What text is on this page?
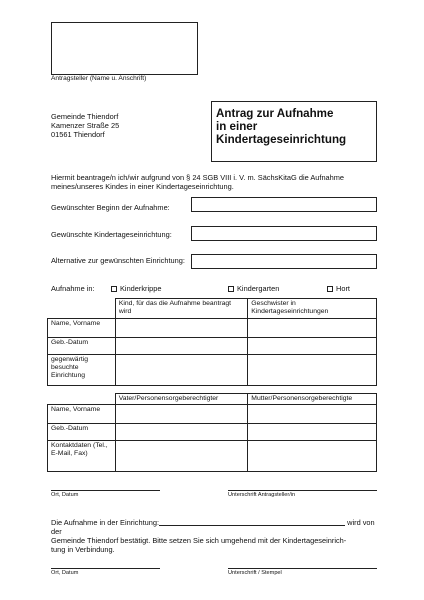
Antragsteller (Name u. Anschrift)
Gemeinde Thiendorf
Kamenzer Straße 25
01561 Thiendorf
Antrag zur Aufnahme
in einer
Kindertageseinrichtung
Hiermit beantrage/n ich/wir aufgrund von § 24 SGB VIII i. V. m. SächsKitaG die Aufnahme
meines/unseres Kindes in einer Kindertageseinrichtung.
Gewünschter Beginn der Aufnahme:
Gewünschte Kindertageseinrichtung:
Alternative zur gewünschten Einrichtung:
Aufnahme in:	Kinderkrippe	Kindergarten	Hort
	Kind, für das die Aufnahme beantragt wird	Geschwister in Kindertageseinrichtungen
Name, Vorname		
Geb.-Datum		
gegenwärtig besuchte Einrichtung		
	Vater/Personensorgeberechtigter	Mutter/Personensorgeberechtigte
Name, Vorname		
Geb.-Datum		
Kontaktdaten (Tel., E-Mail, Fax)		
Ort, Datum	Unterschrift Antragsteller/in
Die Aufnahme in der Einrichtung:	wird von der
Gemeinde Thiendorf bestätigt. Bitte setzen Sie sich umgehend mit der Kindertageseinrich-
tung in Verbindung.
Ort, Datum	Unterschrift / Stempel
